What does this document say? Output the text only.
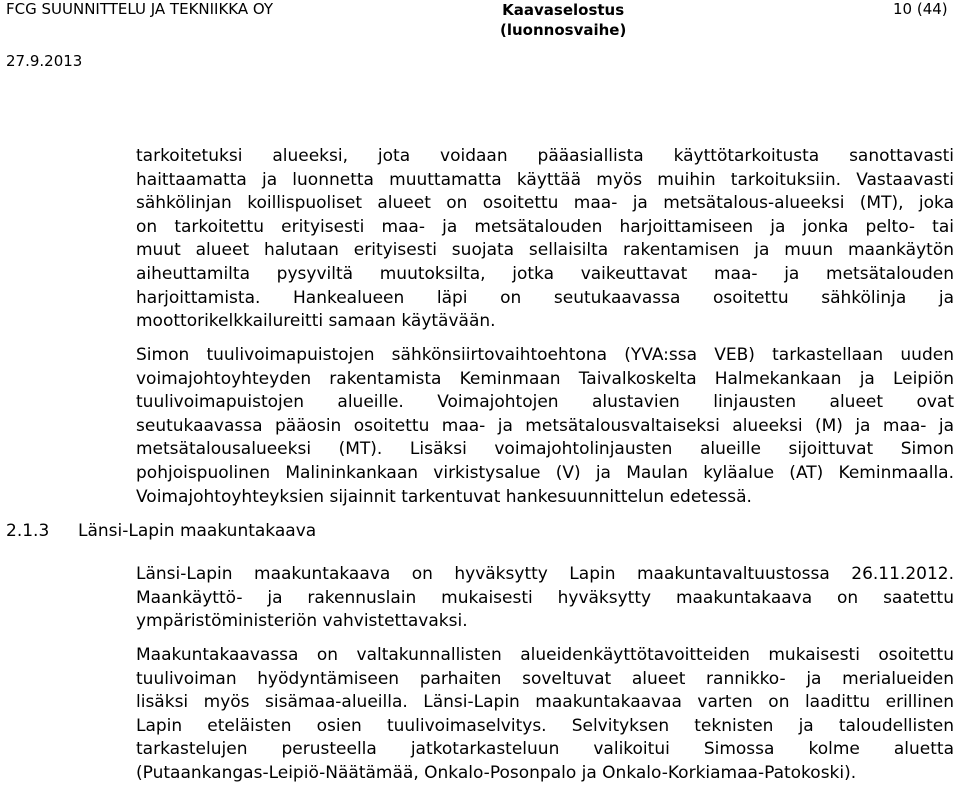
FCG SUUNNITTELU JA TEKNIIKKA OY	Kaavaselostus
(luonnosvaihe)
10 (44)
27.9.2013
tarkoitetuksi alueeksi, jota voidaan pääasiallista käyttötarkoitusta sanottavasti
haittaamatta ja luonnetta muuttamatta käyttää myös muihin tarkoituksiin. Vastaavasti
sähkölinjan koillispuoliset alueet on osoitettu maa- ja metsätalous-alueeksi (MT), joka
on tarkoitettu erityisesti maa- ja metsätalouden harjoittamiseen ja jonka pelto- tai
muut alueet halutaan erityisesti suojata sellaisilta rakentamisen ja muun maankäytön
aiheuttamilta pysyviltä muutoksilta, jotka vaikeuttavat maa- ja metsätalouden
harjoittamista. Hankealueen läpi on seutukaavassa osoitettu sähkölinja ja
moottorikelkkailureitti samaan käytävään.
Simon tuulivoimapuistojen sähkönsiirtovaihtoehtona (YVA:ssa VEB) tarkastellaan uuden
voimajohtoyhteyden rakentamista Keminmaan Taivalkoskelta Halmekankaan ja Leipiön
tuulivoimapuistojen alueille. Voimajohtojen alustavien linjausten alueet ovat
seutukaavassa pääosin osoitettu maa- ja metsätalousvaltaiseksi alueeksi (M) ja maa- ja
metsätalousalueeksi (MT). Lisäksi voimajohtolinjausten alueille sijoittuvat Simon
pohjoispuolinen Malininkankaan virkistysalue (V) ja Maulan kyläalue (AT) Keminmaalla.
Voimajohtoyhteyksien sijainnit tarkentuvat hankesuunnittelun edetessä.
2.1.3 Länsi-Lapin maakuntakaava
Länsi-Lapin maakuntakaava on hyväksytty Lapin maakuntavaltuustossa 26.11.2012.
Maankäyttö- ja rakennuslain mukaisesti hyväksytty maakuntakaava on saatettu
ympäristöministeriön vahvistettavaksi.
Maakuntakaavassa on valtakunnallisten alueidenkäyttötavoitteiden mukaisesti osoitettu
tuulivoiman hyödyntämiseen parhaiten soveltuvat alueet rannikko- ja merialueiden
lisäksi myös sisämaa-alueilla. Länsi-Lapin maakuntakaavaa varten on laadittu erillinen
Lapin eteläisten osien tuulivoimaselvitys. Selvityksen teknisten ja taloudellisten
tarkastelujen perusteella jatkotarkasteluun valikoitui Simossa kolme aluetta
(Putaankangas-Leipiö-Näätämää, Onkalo-Posonpalo ja Onkalo-Korkiamaa-Patokoski).
